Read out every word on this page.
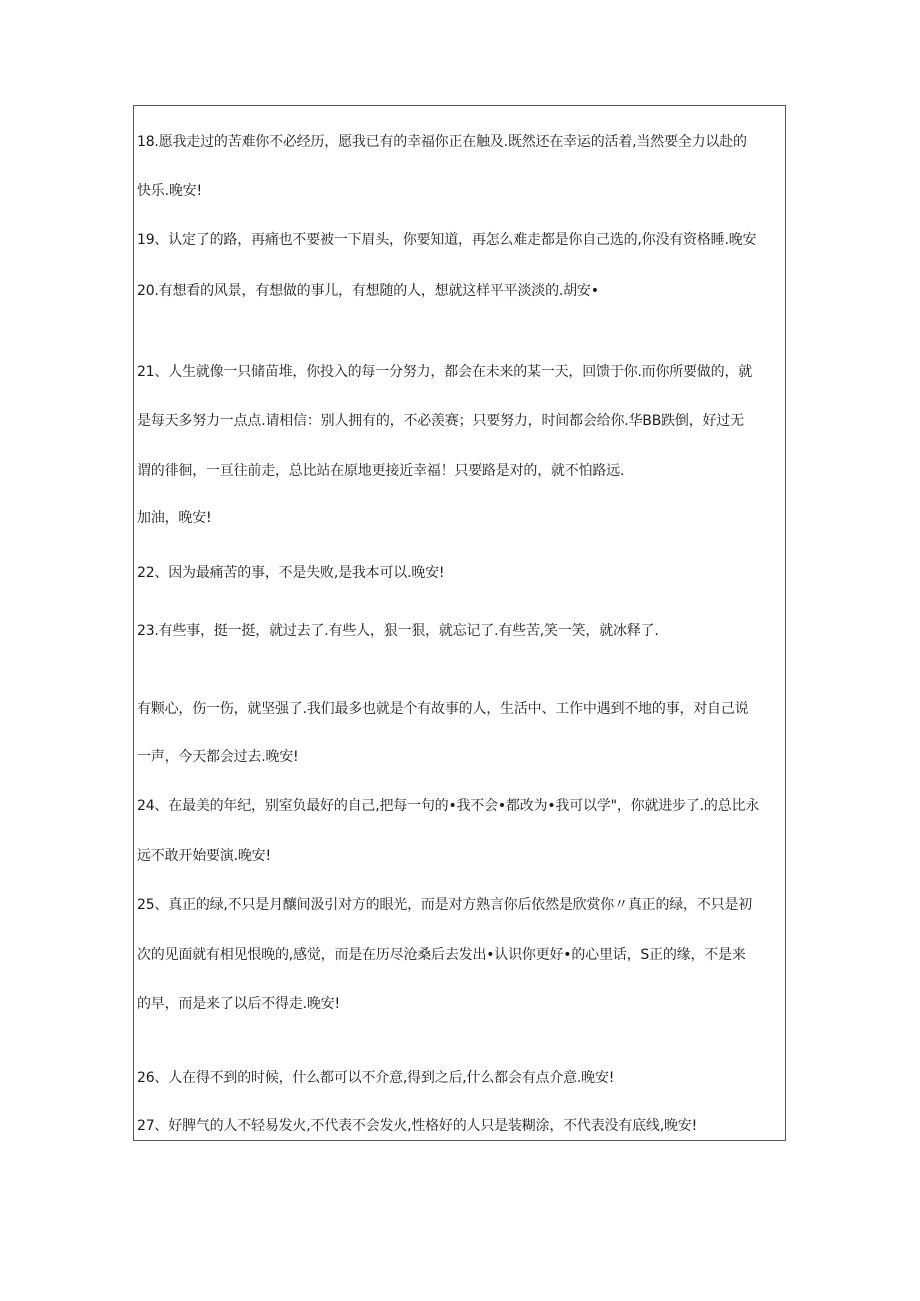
18.愿我走过的苦难你不必经历，愿我已有的幸福你正在触及.既然还在幸运的活着,当然要全力以赴的
快乐.晚安!
19、认定了的路，再痛也不要被一下眉头，你要知道，再怎么难走都是你自己选的,你没有资格睡.晚安
20.有想看的风景，有想做的事儿，有想随的人，想就这样平平淡淡的.胡安•
21、人生就像一只储苗堆，你投入的每一分努力，都会在未来的某一天，回馈于你.而你所要做的，就
是每天多努力一点点.请相信：别人拥有的，不必羡赛；只要努力，时间都会给你.华BB跌倒，好过无
谓的徘徊，一亘往前走，总比站在原地更接近幸福！只要路是对的，就不怕路远.
加油，晚安!
22、因为最痛苦的事，不是失败,是我本可以.晚安!
23.有些事，挺一挺，就过去了.有些人，狠一狠，就忘记了.有些苦,笑一笑，就冰释了.
有颗心，伤一伤，就坚强了.我们最多也就是个有故事的人，生活中、工作中遇到不地的事，对自己说
一声，今天都会过去.晚安!
24、在最美的年纪，别室负最好的自己,把每一句的•我不会•都改为•我可以学"，你就进步了.的总比永
远不敢开始要演.晚安!
25、真正的绿,不只是月釀间汲引对方的眼光，而是对方熟言你后依然是欣赏你〃真正的绿，不只是初
次的见面就有相见恨晚的,感觉，而是在历尽沧桑后去发出•认识你更好•的心里话，S正的缘，不是来
的早，而是来了以后不得走.晚安!
26、人在得不到的时候，什么都可以不介意,得到之后,什么都会有点介意.晚安!
27、好脾气的人不轻易发火,不代表不会发火,性格好的人只是装糊涂，不代表没有底线,晚安!
